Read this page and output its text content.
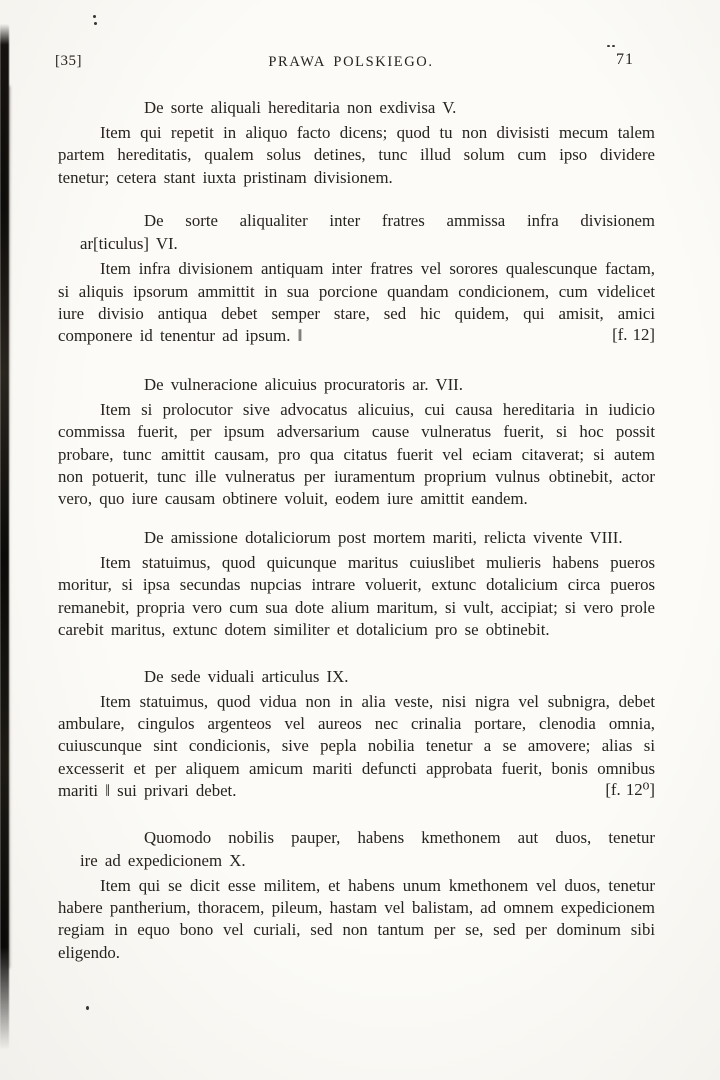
[35]	PRAWA POLSKIEGO.	71
De sorte aliquali hereditaria non exdivisa V.

Item qui repetit in aliquo facto dicens; quod tu non divisisti mecum talem partem hereditatis, qualem solus detines, tunc illud solum cum ipso dividere tenetur; cetera stant iuxta pristinam divisionem.

De sorte aliqualiter inter fratres ammissa infra divisionem
ar[ticulus] VI.

Item infra divisionem antiquam inter fratres vel sorores qualescunque factam, si aliquis ipsorum ammittit in sua porcione quandam condicionem, cum videlicet iure divisio antiqua debet semper stare, sed hic quidem, qui amisit, amici componere id tenentur ad ipsum. ‖	[f. 12]

De vulneracione alicuius procuratoris ar. VII.

Item si prolocutor sive advocatus alicuius, cui causa hereditaria in iudicio commissa fuerit, per ipsum adversarium cause vulneratus fuerit, si hoc possit probare, tunc amittit causam, pro qua citatus fuerit vel eciam citaverat; si autem non potuerit, tunc ille vulneratus per iuramentum proprium vulnus obtinebit, actor vero, quo iure causam obtinere voluit, eodem iure amittit eandem.

De amissione dotaliciorum post mortem mariti, relicta vivente VIII.

Item statuimus, quod quicunque maritus cuiuslibet mulieris habens pueros moritur, si ipsa secundas nupcias intrare voluerit, extunc dotalicium circa pueros remanebit, propria vero cum sua dote alium maritum, si vult, accipiat; si vero prole carebit maritus, extunc dotem similiter et dotalicium pro se obtinebit.

De sede viduali articulus IX.

Item statuimus, quod vidua non in alia veste, nisi nigra vel subnigra, debet ambulare, cingulos argenteos vel aureos nec crinalia portare, clenodia omnia, cuiuscunque sint condicionis, sive pepla nobilia tenetur a se amovere; alias si excesserit et per aliquem amicum mariti defuncti approbata fuerit, bonis omnibus mariti ‖ sui privari debet.	[f. 12⁰]

Quomodo nobilis pauper, habens kmethonem aut duos, tenetur
ire ad expedicionem X.

Item qui se dicit esse militem, et habens unum kmethonem vel duos, tenetur habere pantherium, thoracem, pileum, hastam vel balistam, ad omnem expedicionem regiam in equo bono vel curiali, sed non tantum per se, sed per dominum sibi eligendo.
